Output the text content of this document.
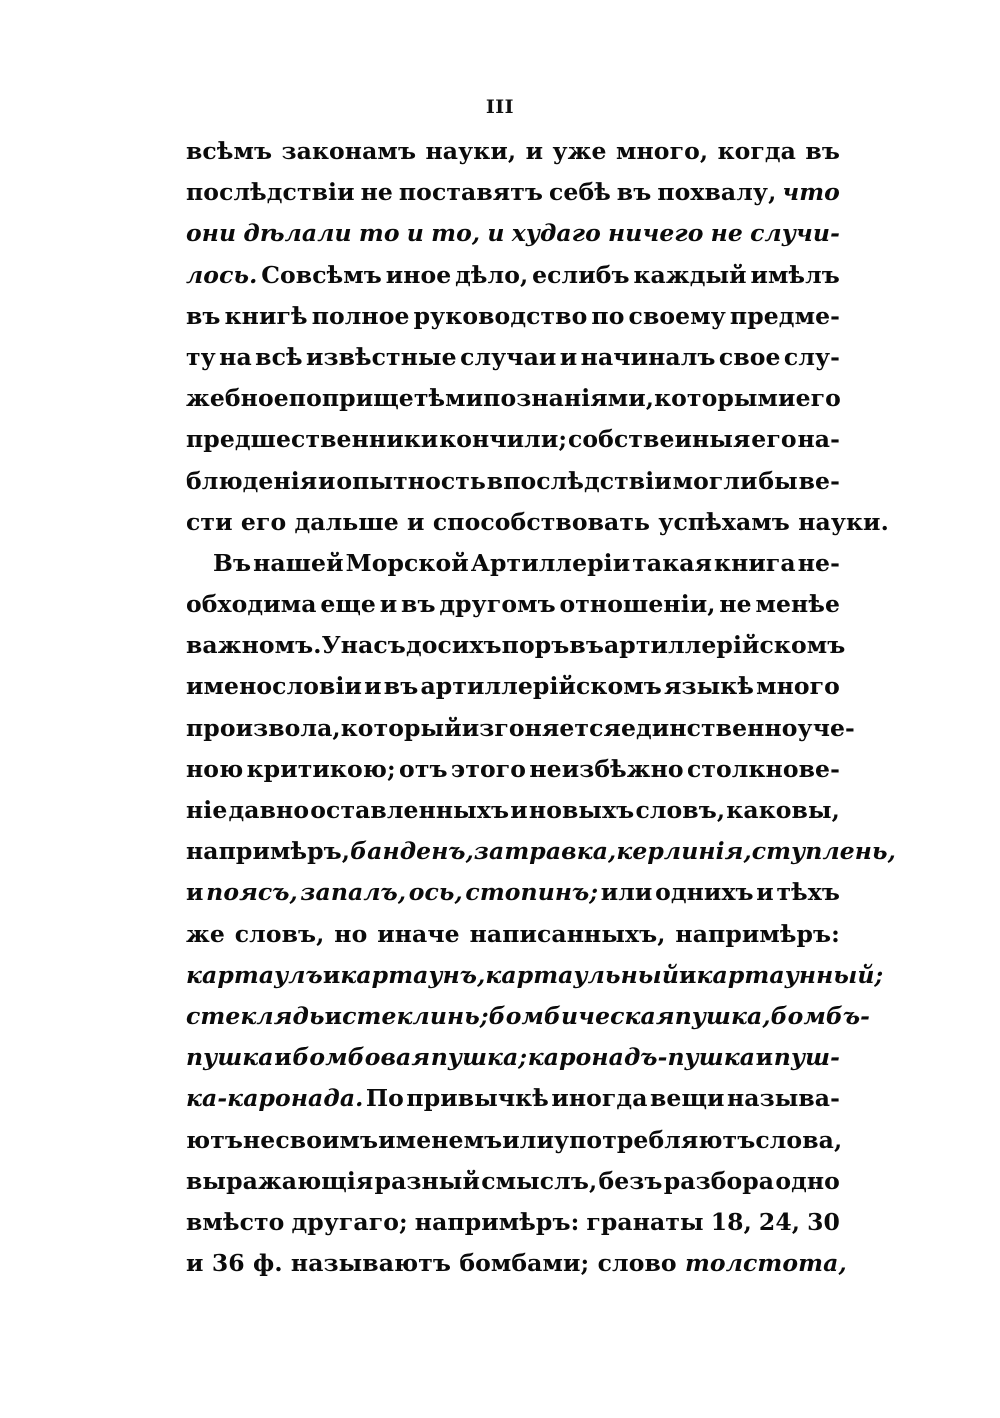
III
всѣмъ законамъ науки, и уже много, когда въ
послѣдствіи не поставятъ себѣ въ похвалу, что
они дѣлали то и то, и худаго ничего не случи-
лось. Совсѣмъ иное дѣло, еслибъ каждый имѣлъ
въ книгѣ полное руководство по своему предме-
ту на всѣ извѣстные случаи и начиналъ свое слу-
жебное поприще тѣми познаніями, которыми его
предшественники кончили; собствеиныя его на-
блюденія и опытность впослѣдствіи могли бы ве-
сти его дальше и способствовать успѣхамъ науки.
Въ нашей Морской Артиллеріи такая книга не-
обходима еще и въ другомъ отношеніи, не менѣе
важномъ. У насъ до сихъ поръ въ артиллерійскомъ
именословіи и въ артиллерійскомъ языкѣ много
произвола, который изгоняется единственно уче-
ною критикою; отъ этого неизбѣжно столкнове-
ніе давно оставленныхъ и новыхъ словъ, каковы,
напримѣръ, банденъ, затравка, керлинія, ступлень,
и поясъ, запалъ, ось, стопинъ; или однихъ и тѣхъ
же словъ, но иначе написанныхъ, напримѣръ:
картаулъ и картаунъ, картаульный и картаунный;
стеклядь и стеклинь; бомбическая пушка, бомбъ-
пушка и бомбовая пушка; каронадъ-пушка и пуш-
ка-каронада. По привычкѣ иногда вещи называ-
ютъ не своимъ именемъ или употребляютъ слова,
выражающія разный смыслъ, безъ разбора одно
вмѣсто другаго; напримѣръ: гранаты 18, 24, 30
и 36 ф. называютъ бомбами; слово толстота,
